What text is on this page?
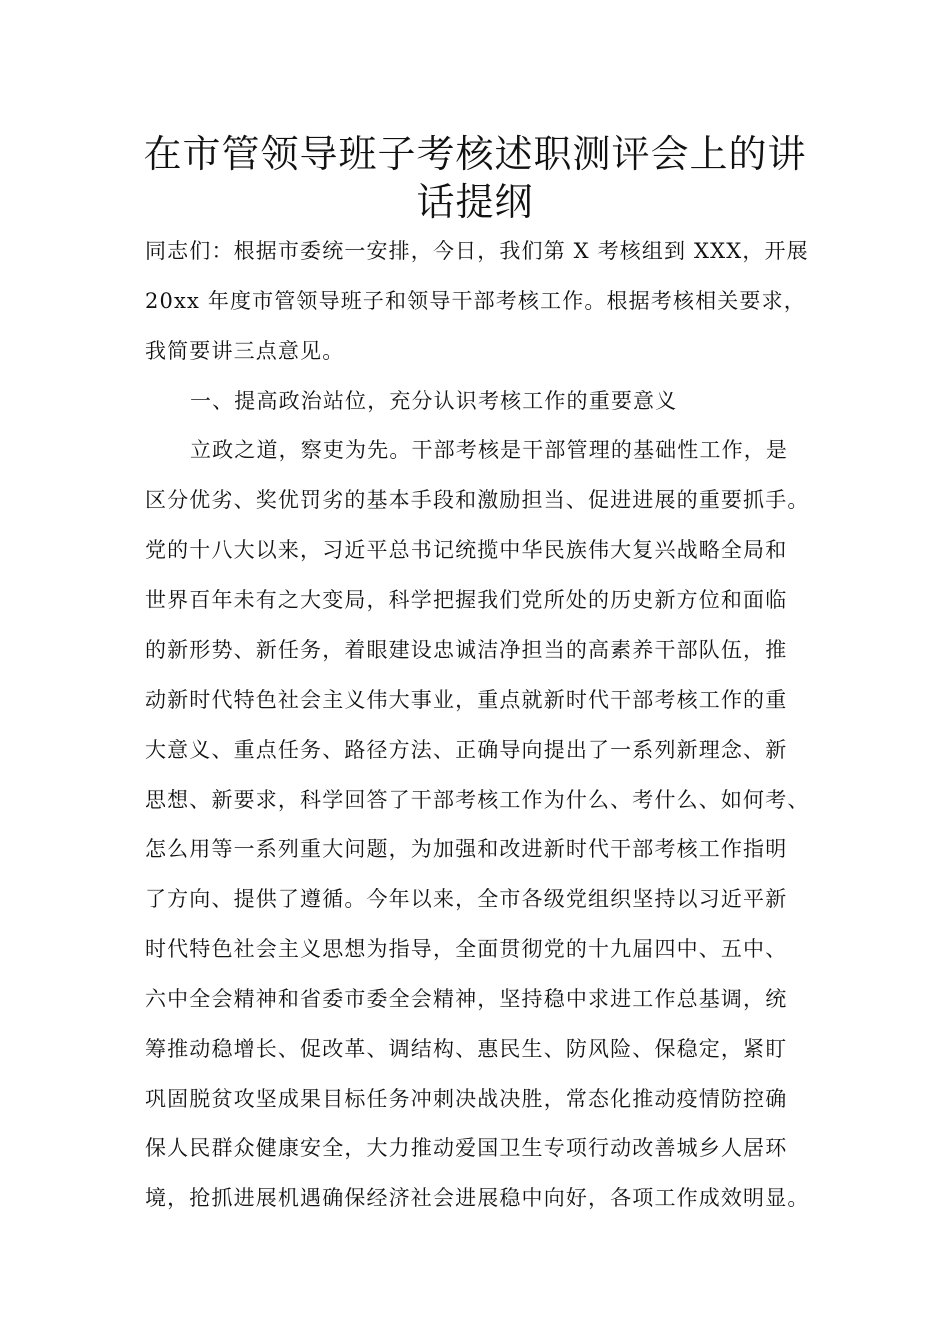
在市管领导班子考核述职测评会上的讲
话提纲
同志们：根据市委统一安排，今日，我们第 X 考核组到 XXX，开展
20xx 年度市管领导班子和领导干部考核工作。根据考核相关要求，
我简要讲三点意见。
一、提高政治站位，充分认识考核工作的重要意义
立政之道，察吏为先。干部考核是干部管理的基础性工作，是
区分优劣、奖优罚劣的基本手段和激励担当、促进进展的重要抓手。
党的十八大以来，习近平总书记统揽中华民族伟大复兴战略全局和
世界百年未有之大变局，科学把握我们党所处的历史新方位和面临
的新形势、新任务，着眼建设忠诚洁净担当的高素养干部队伍，推
动新时代特色社会主义伟大事业，重点就新时代干部考核工作的重
大意义、重点任务、路径方法、正确导向提出了一系列新理念、新
思想、新要求，科学回答了干部考核工作为什么、考什么、如何考、
怎么用等一系列重大问题，为加强和改进新时代干部考核工作指明
了方向、提供了遵循。今年以来，全市各级党组织坚持以习近平新
时代特色社会主义思想为指导，全面贯彻党的十九届四中、五中、
六中全会精神和省委市委全会精神，坚持稳中求进工作总基调，统
筹推动稳增长、促改革、调结构、惠民生、防风险、保稳定，紧盯
巩固脱贫攻坚成果目标任务冲刺决战决胜，常态化推动疫情防控确
保人民群众健康安全，大力推动爱国卫生专项行动改善城乡人居环
境，抢抓进展机遇确保经济社会进展稳中向好，各项工作成效明显。
